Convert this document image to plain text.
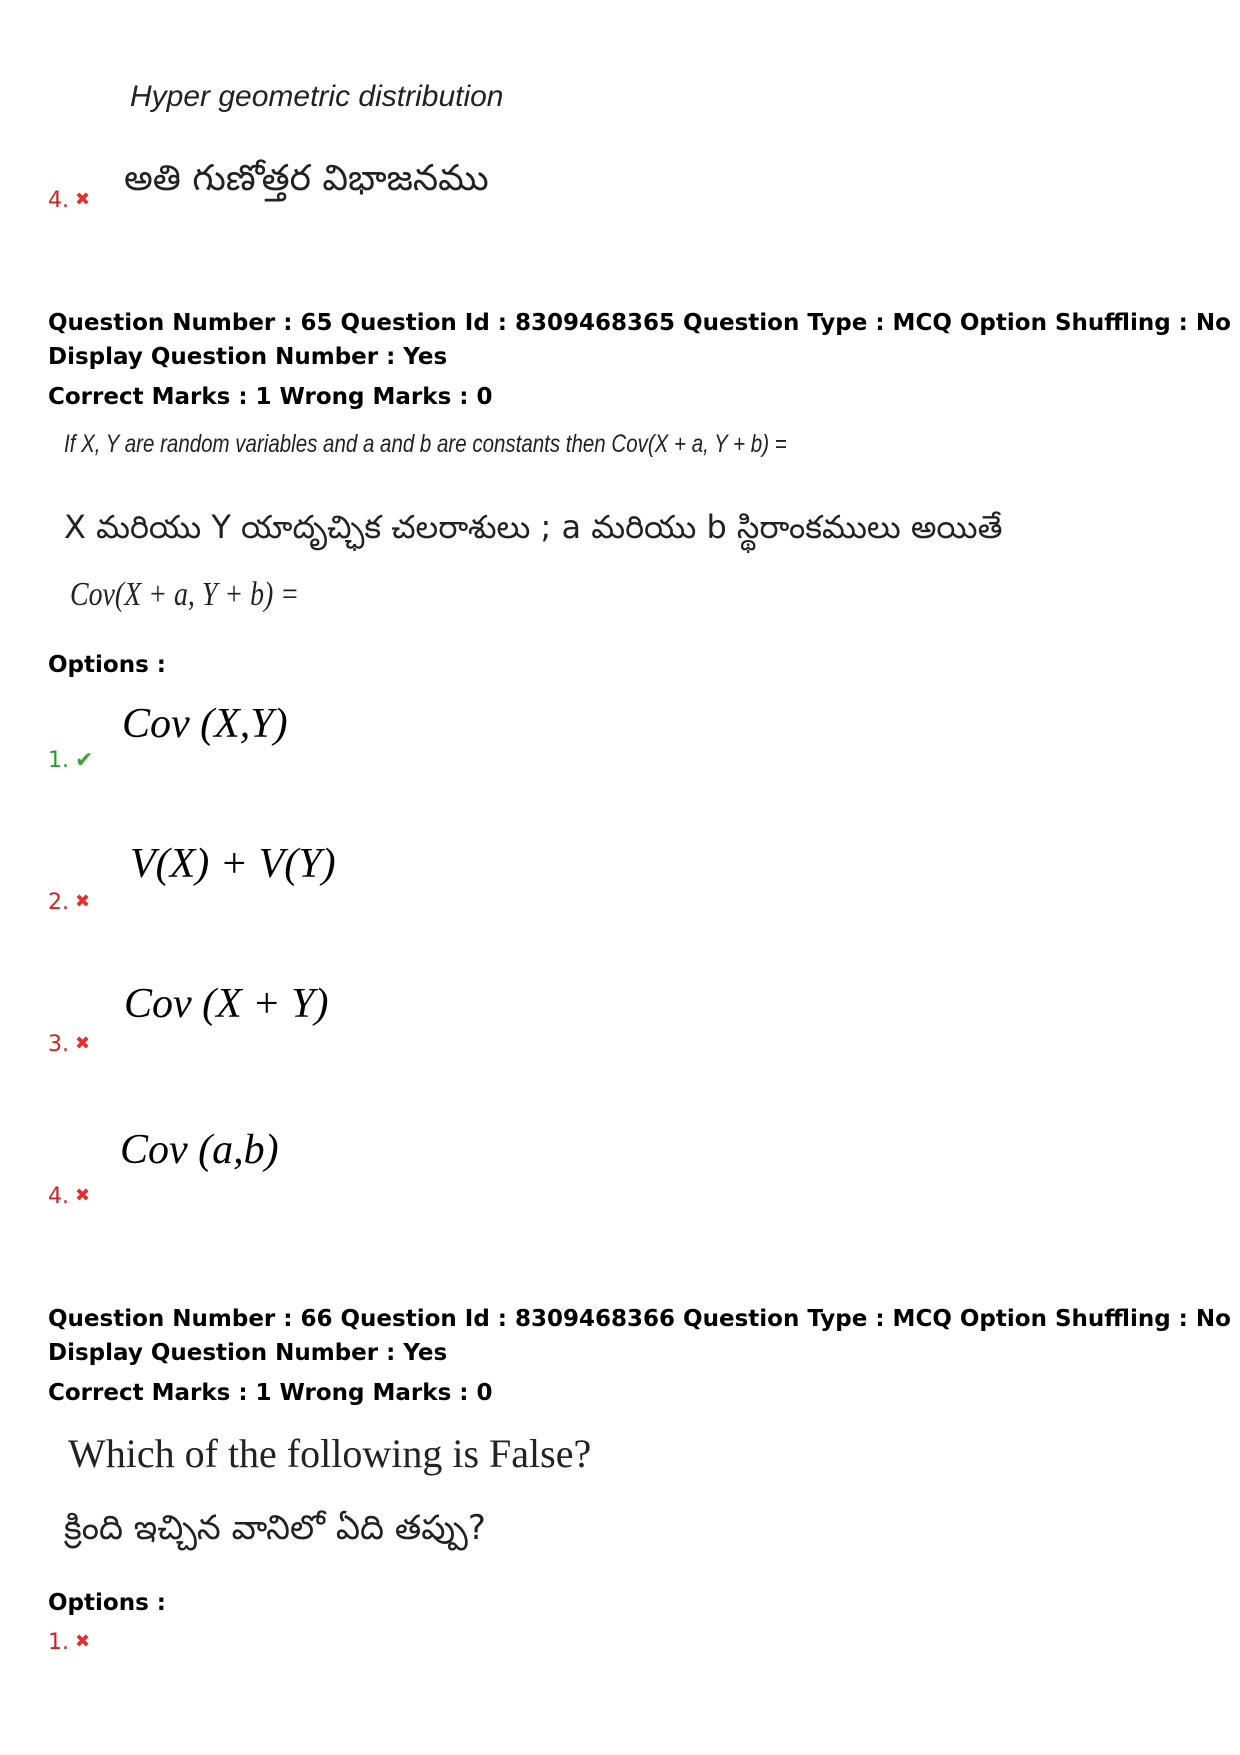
Hyper geometric distribution
అతి గుణోత్తర విభాజనము
4. ✖
Question Number : 65 Question Id : 8309468365 Question Type : MCQ Option Shuffling : No
Display Question Number : Yes
Correct Marks : 1 Wrong Marks : 0
If X, Y are random variables and a and b are constants then Cov(X + a, Y + b) =
X మరియు Y యాదృచ్ఛిక చలరాశులు ; a మరియు b స్థిరాంకములు అయితే
Cov(X + a, Y + b) =
Options :
Cov (X,Y)
1. ✔
V(X) + V(Y)
2. ✖
Cov (X + Y)
3. ✖
Cov (a,b)
4. ✖
Question Number : 66 Question Id : 8309468366 Question Type : MCQ Option Shuffling : No
Display Question Number : Yes
Correct Marks : 1 Wrong Marks : 0
Which of the following is False?
క్రింది ఇచ్చిన వానిలో ఏది తప్పు?
Options :
1. ✖
